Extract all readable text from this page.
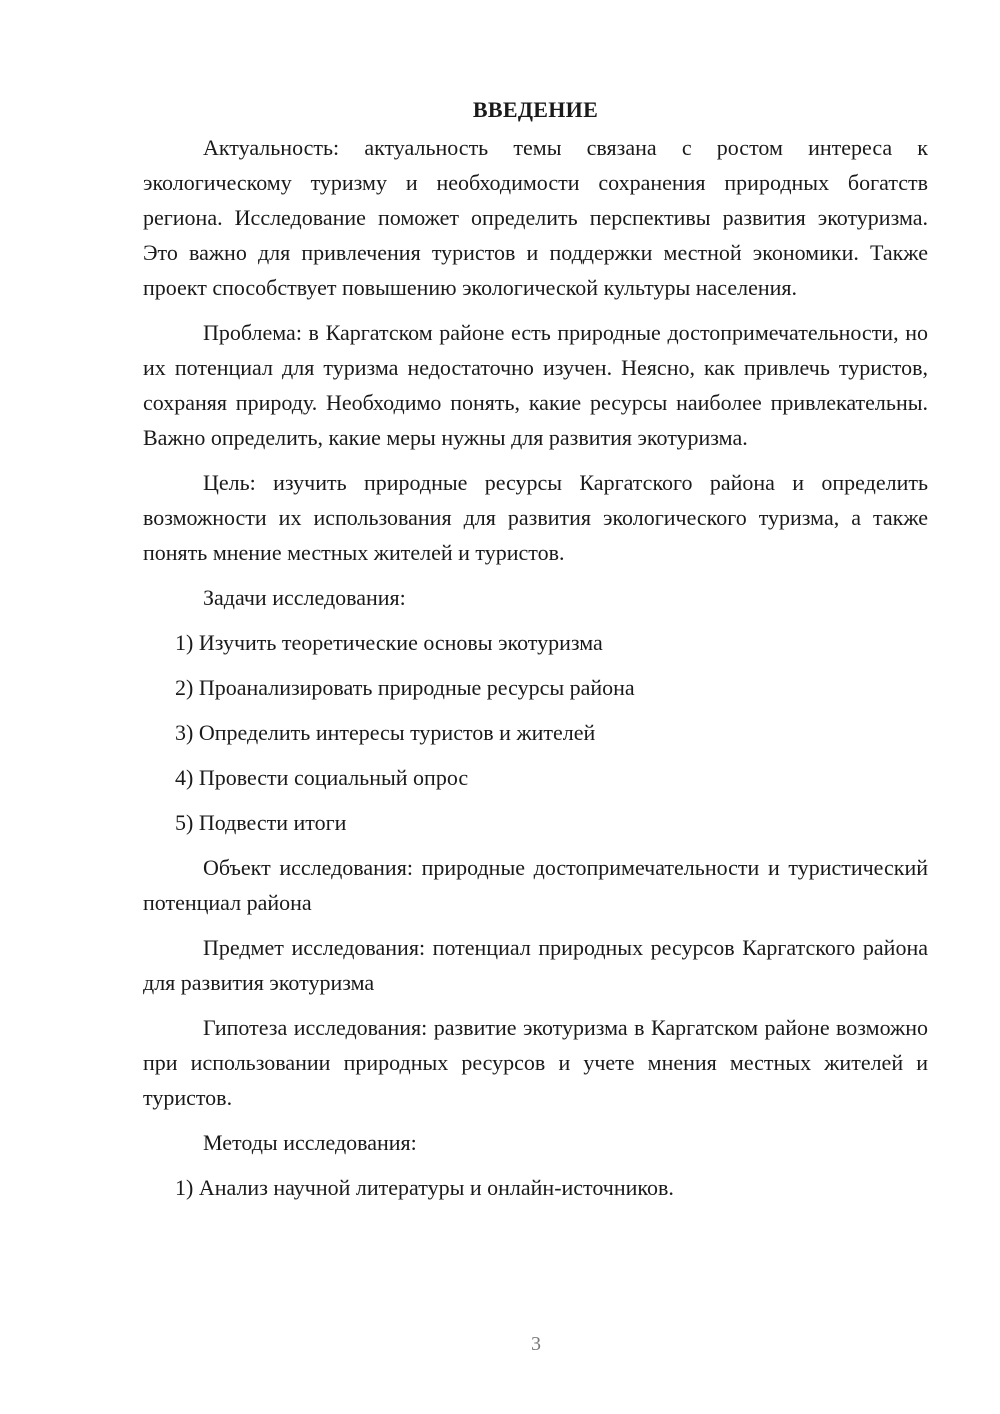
ВВЕДЕНИЕ

Актуальность: актуальность темы связана с ростом интереса к экологическому туризму и необходимости сохранения природных богатств региона. Исследование поможет определить перспективы развития экотуризма. Это важно для привлечения туристов и поддержки местной экономики. Также проект способствует повышению экологической культуры населения.

Проблема: в Каргатском районе есть природные достопримечательности, но их потенциал для туризма недостаточно изучен. Неясно, как привлечь туристов, сохраняя природу. Необходимо понять, какие ресурсы наиболее привлекательны. Важно определить, какие меры нужны для развития экотуризма.

Цель: изучить природные ресурсы Каргатского района и определить возможности их использования для развития экологического туризма, а также понять мнение местных жителей и туристов.

Задачи исследования:

1) Изучить теоретические основы экотуризма
2) Проанализировать природные ресурсы района
3) Определить интересы туристов и жителей
4) Провести социальный опрос
5) Подвести итоги

Объект исследования: природные достопримечательности и туристический потенциал района

Предмет исследования: потенциал природных ресурсов Каргатского района для развития экотуризма

Гипотеза исследования: развитие экотуризма в Каргатском районе возможно при использовании природных ресурсов и учете мнения местных жителей и туристов.

Методы исследования:

1) Анализ научной литературы и онлайн-источников.
3
